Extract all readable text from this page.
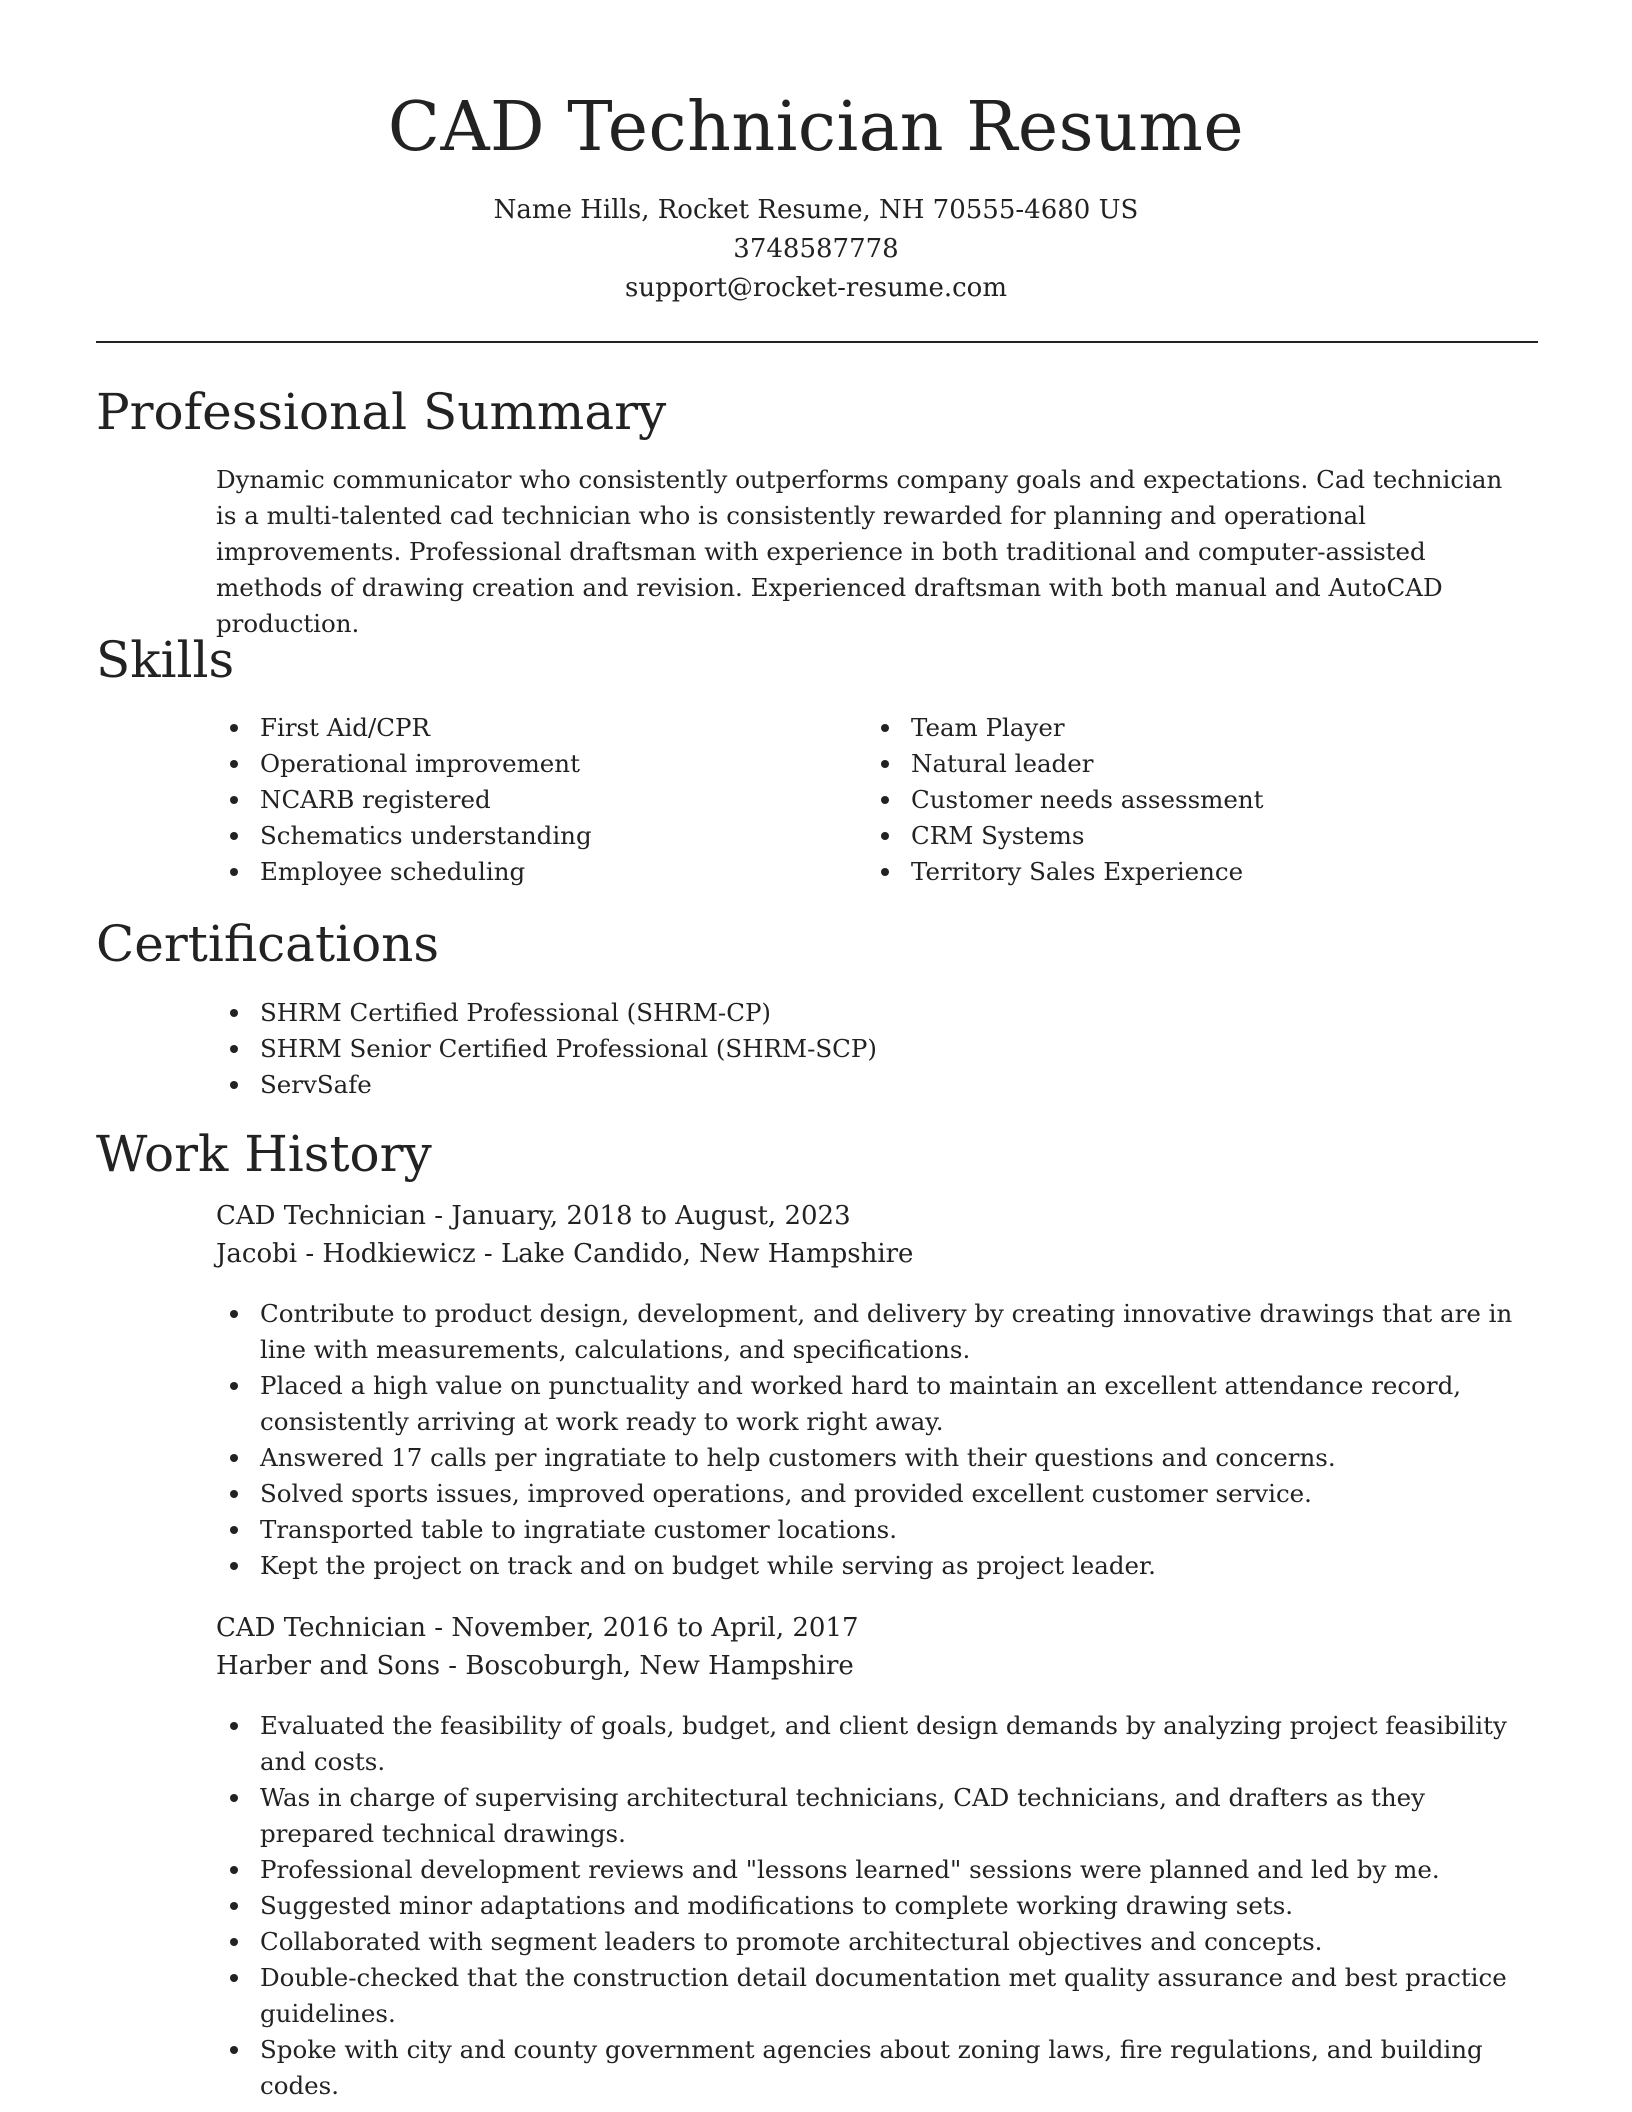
CAD Technician Resume
Name Hills, Rocket Resume, NH 70555-4680 US
3748587778
support@rocket-resume.com
Professional Summary

Dynamic communicator who consistently outperforms company goals and expectations. Cad technician is a multi-talented cad technician who is consistently rewarded for planning and operational improvements. Professional draftsman with experience in both traditional and computer-assisted methods of drawing creation and revision. Experienced draftsman with both manual and AutoCAD production.

Skills
First Aid/CPR
Operational improvement
NCARB registered
Schematics understanding
Employee scheduling
Team Player
Natural leader
Customer needs assessment
CRM Systems
Territory Sales Experience
Certifications
SHRM Certified Professional (SHRM-CP)
SHRM Senior Certified Professional (SHRM-SCP)
ServSafe
Work History
CAD Technician - January, 2018 to August, 2023
Jacobi - Hodkiewicz - Lake Candido, New Hampshire
Contribute to product design, development, and delivery by creating innovative drawings that are in line with measurements, calculations, and specifications.
Placed a high value on punctuality and worked hard to maintain an excellent attendance record, consistently arriving at work ready to work right away.
Answered 17 calls per ingratiate to help customers with their questions and concerns.
Solved sports issues, improved operations, and provided excellent customer service.
Transported table to ingratiate customer locations.
Kept the project on track and on budget while serving as project leader.
CAD Technician - November, 2016 to April, 2017
Harber and Sons - Boscoburgh, New Hampshire
Evaluated the feasibility of goals, budget, and client design demands by analyzing project feasibility and costs.
Was in charge of supervising architectural technicians, CAD technicians, and drafters as they prepared technical drawings.
Professional development reviews and "lessons learned" sessions were planned and led by me.
Suggested minor adaptations and modifications to complete working drawing sets.
Collaborated with segment leaders to promote architectural objectives and concepts.
Double-checked that the construction detail documentation met quality assurance and best practice guidelines.
Spoke with city and county government agencies about zoning laws, fire regulations, and building codes.
